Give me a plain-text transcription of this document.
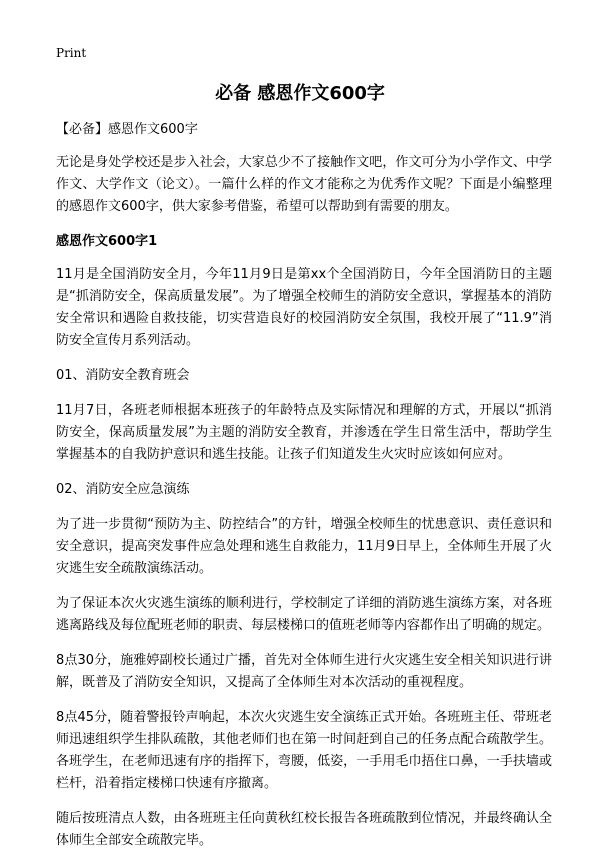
Print
必备 感恩作文600字

【必备】感恩作文600字

无论是身处学校还是步入社会，大家总少不了接触作文吧，作文可分为小学作文、中学作文、大学作文（论文）。一篇什么样的作文才能称之为优秀作文呢？下面是小编整理的感恩作文600字，供大家参考借鉴，希望可以帮助到有需要的朋友。

感恩作文600字1

11月是全国消防安全月，今年11月9日是第xx个全国消防日，今年全国消防日的主题是“抓消防安全，保高质量发展”。为了增强全校师生的消防安全意识，掌握基本的消防安全常识和遇险自救技能，切实营造良好的校园消防安全氛围，我校开展了“11.9”消防安全宣传月系列活动。

01、消防安全教育班会

11月7日，各班老师根据本班孩子的年龄特点及实际情况和理解的方式，开展以“抓消防安全，保高质量发展”为主题的消防安全教育，并渗透在学生日常生活中，帮助学生掌握基本的自我防护意识和逃生技能。让孩子们知道发生火灾时应该如何应对。

02、消防安全应急演练

为了进一步贯彻“预防为主、防控结合”的方针，增强全校师生的忧患意识、责任意识和安全意识，提高突发事件应急处理和逃生自救能力，11月9日早上，全体师生开展了火灾逃生安全疏散演练活动。

为了保证本次火灾逃生演练的顺利进行，学校制定了详细的消防逃生演练方案，对各班逃离路线及每位配班老师的职责、每层楼梯口的值班老师等内容都作出了明确的规定。

8点30分，施雅婷副校长通过广播，首先对全体师生进行火灾逃生安全相关知识进行讲解，既普及了消防安全知识，又提高了全体师生对本次活动的重视程度。

8点45分，随着警报铃声响起，本次火灾逃生安全演练正式开始。各班班主任、带班老师迅速组织学生排队疏散，其他老师们也在第一时间赶到自己的任务点配合疏散学生。各班学生，在老师迅速有序的指挥下，弯腰，低姿，一手用毛巾捂住口鼻，一手扶墙或栏杆，沿着指定楼梯口快速有序撤离。

随后按班清点人数，由各班班主任向黄秋红校长报告各班疏散到位情况，并最终确认全体师生全部安全疏散完毕。
